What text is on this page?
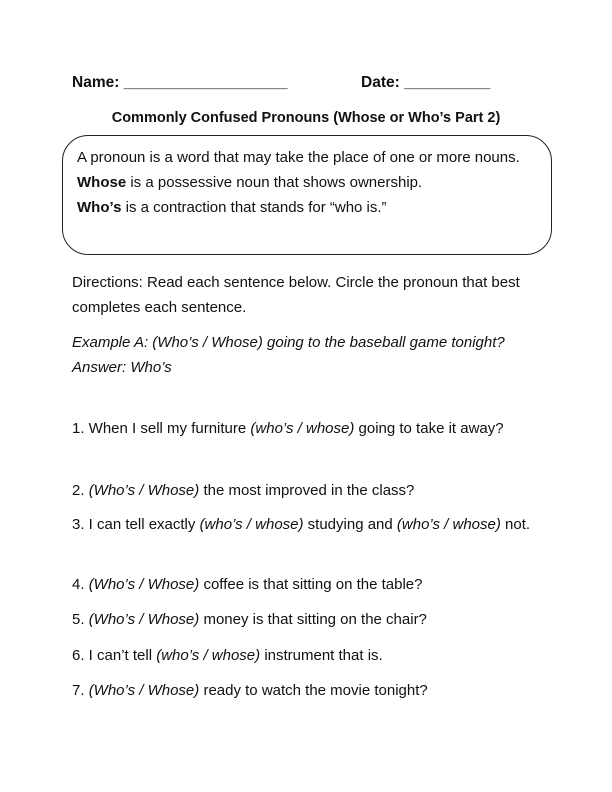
Name: ___________________	Date: __________
Commonly Confused Pronouns (Whose or Who’s Part 2)

A pronoun is a word that may take the place of one or more nouns.

Whose is a possessive noun that shows ownership.

Who’s is a contraction that stands for “who is.”

Directions: Read each sentence below. Circle the pronoun that best completes each sentence.

Example A: (Who’s / Whose) going to the baseball game tonight?

Answer: Who’s

1. When I sell my furniture (who’s / whose) going to take it away?

2. (Who’s / Whose) the most improved in the class?

3. I can tell exactly (who’s / whose) studying and (who’s / whose) not.

4. (Who’s / Whose) coffee is that sitting on the table?

5. (Who’s / Whose) money is that sitting on the chair?

6. I can’t tell (who’s / whose) instrument that is.

7. (Who’s / Whose) ready to watch the movie tonight?
